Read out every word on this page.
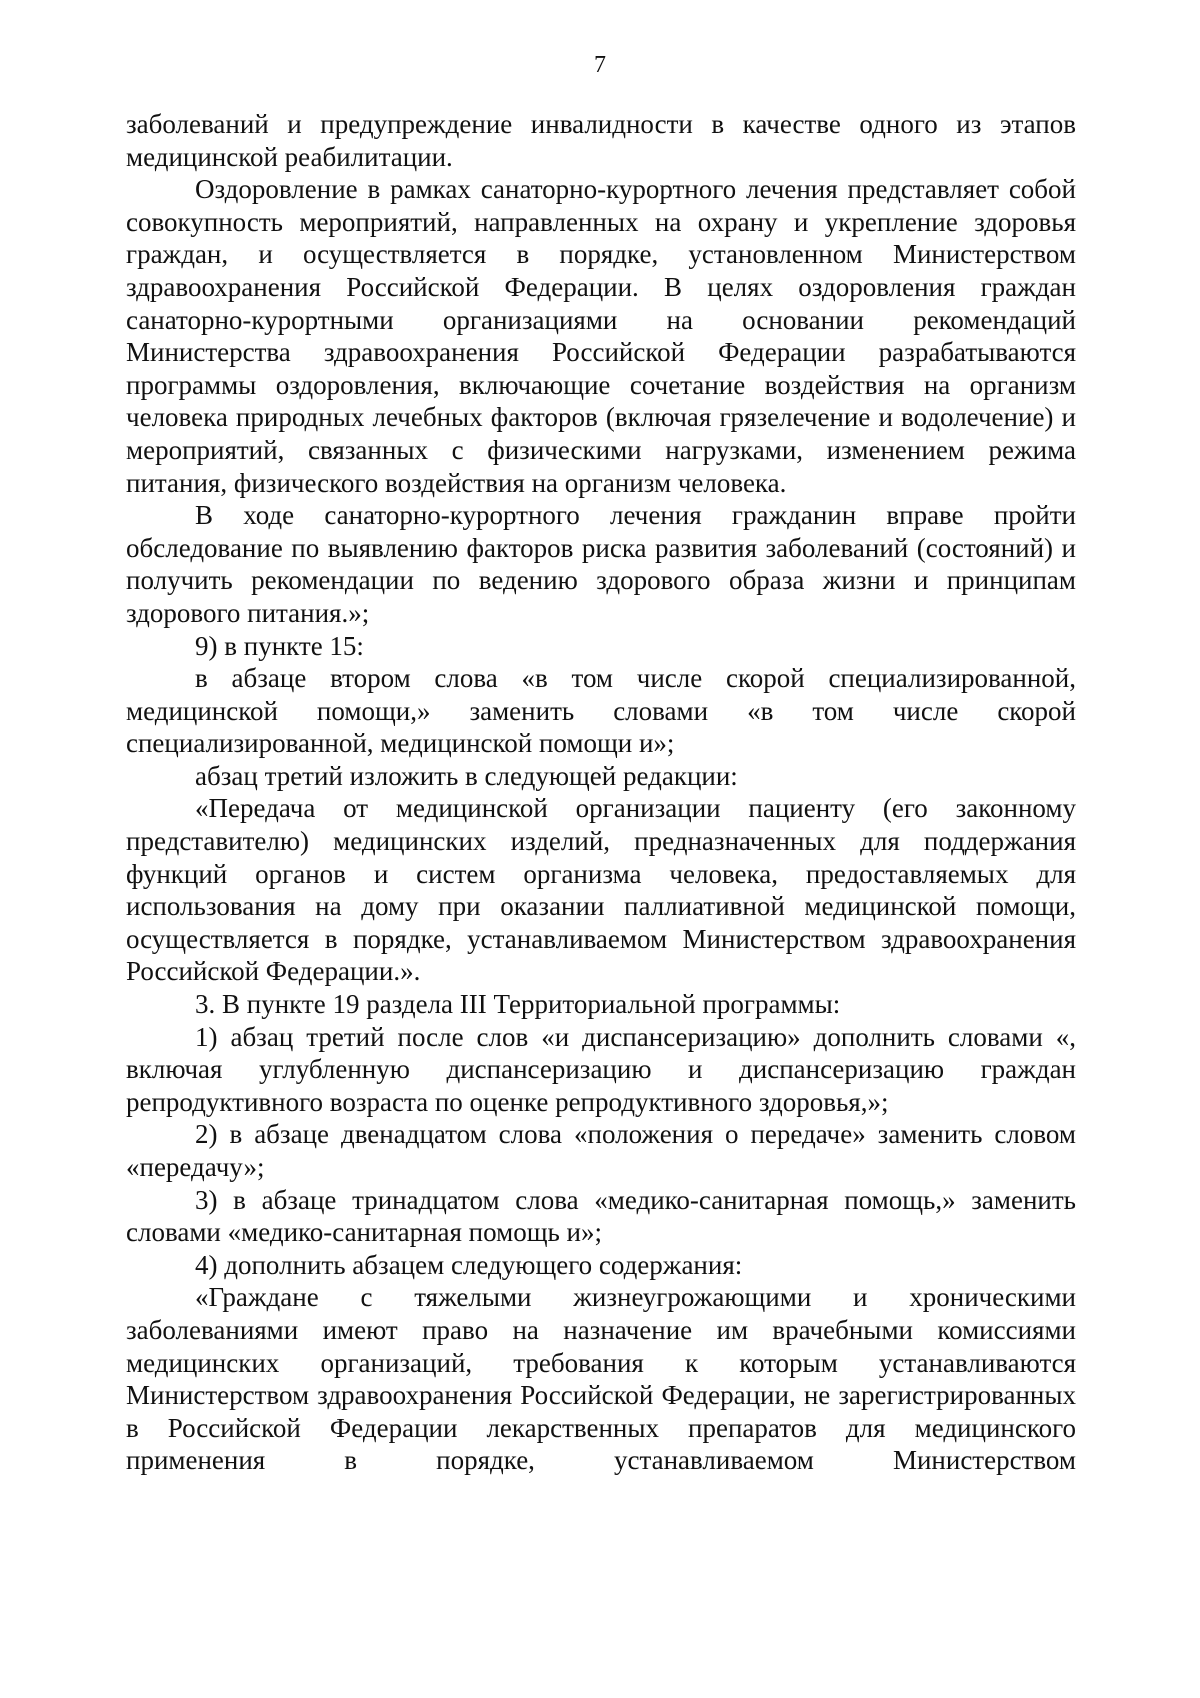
7

заболеваний и предупреждение инвалидности в качестве одного из этапов медицинской реабилитации.

Оздоровление в рамках санаторно-курортного лечения представляет собой совокупность мероприятий, направленных на охрану и укрепление здоровья граждан, и осуществляется в порядке, установленном Министерством здравоохранения Российской Федерации. В целях оздоровления граждан санаторно-курортными организациями на основании рекомендаций Министерства здравоохранения Российской Федерации разрабатываются программы оздоровления, включающие сочетание воздействия на организм человека природных лечебных факторов (включая грязелечение и водолечение) и мероприятий, связанных с физическими нагрузками, изменением режима питания, физического воздействия на организм человека.

В ходе санаторно-курортного лечения гражданин вправе пройти обследование по выявлению факторов риска развития заболеваний (состояний) и получить рекомендации по ведению здорового образа жизни и принципам здорового питания.»;

9) в пункте 15:

в абзаце втором слова «в том числе скорой специализированной, медицинской помощи,» заменить словами «в том числе скорой специализированной, медицинской помощи и»;

абзац третий изложить в следующей редакции:

«Передача от медицинской организации пациенту (его законному представителю) медицинских изделий, предназначенных для поддержания функций органов и систем организма человека, предоставляемых для использования на дому при оказании паллиативной медицинской помощи, осуществляется в порядке, устанавливаемом Министерством здравоохранения Российской Федерации.».

3. В пункте 19 раздела III Территориальной программы:

1) абзац третий после слов «и диспансеризацию» дополнить словами «, включая углубленную диспансеризацию и диспансеризацию граждан репродуктивного возраста по оценке репродуктивного здоровья,»;

2) в абзаце двенадцатом слова «положения о передаче» заменить словом «передачу»;

3) в абзаце тринадцатом слова «медико-санитарная помощь,» заменить словами «медико-санитарная помощь и»;

4) дополнить абзацем следующего содержания:

«Граждане с тяжелыми жизнеугрожающими и хроническими заболеваниями имеют право на назначение им врачебными комиссиями медицинских организаций, требования к которым устанавливаются Министерством здравоохранения Российской Федерации, не зарегистрированных в Российской Федерации лекарственных препаратов для медицинского применения в порядке, устанавливаемом Министерством
